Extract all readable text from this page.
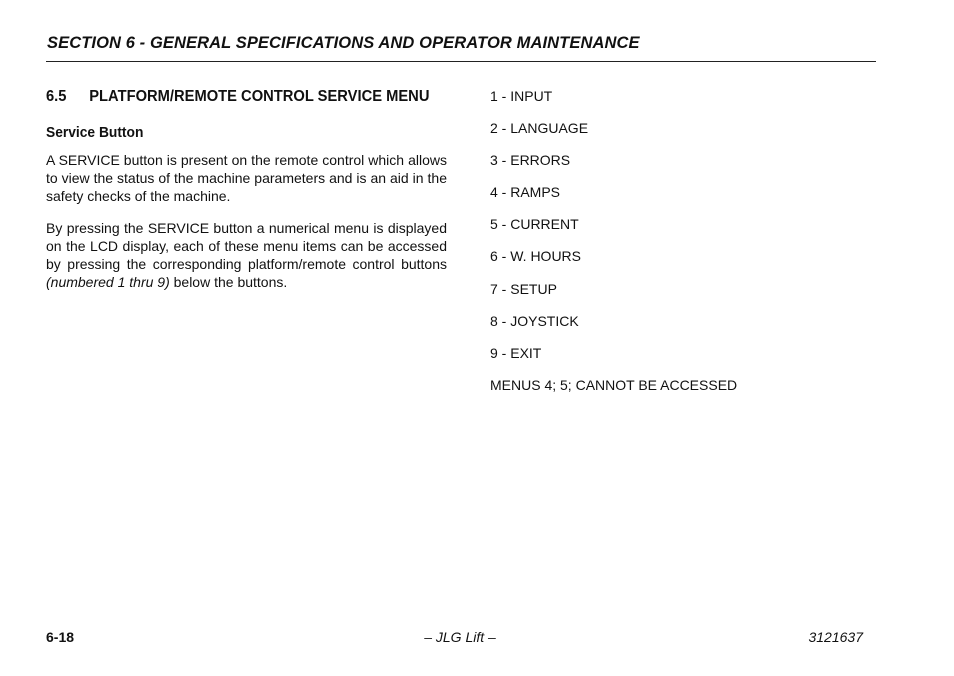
SECTION 6 - GENERAL SPECIFICATIONS AND OPERATOR MAINTENANCE
6.5 PLATFORM/REMOTE CONTROL SERVICE MENU
Service Button

A SERVICE button is present on the remote control which allows to view the status of the machine parameters and is an aid in the safety checks of the machine.

By pressing the SERVICE button a numerical menu is displayed on the LCD display, each of these menu items can be accessed by pressing the corresponding platform/remote control buttons (numbered 1 thru 9) below the buttons.

1 - INPUT
2 - LANGUAGE
3 - ERRORS
4 - RAMPS
5 - CURRENT
6 - W. HOURS
7 - SETUP
8 - JOYSTICK
9 - EXIT
MENUS 4; 5; CANNOT BE ACCESSED
6-18	– JLG Lift –	3121637
